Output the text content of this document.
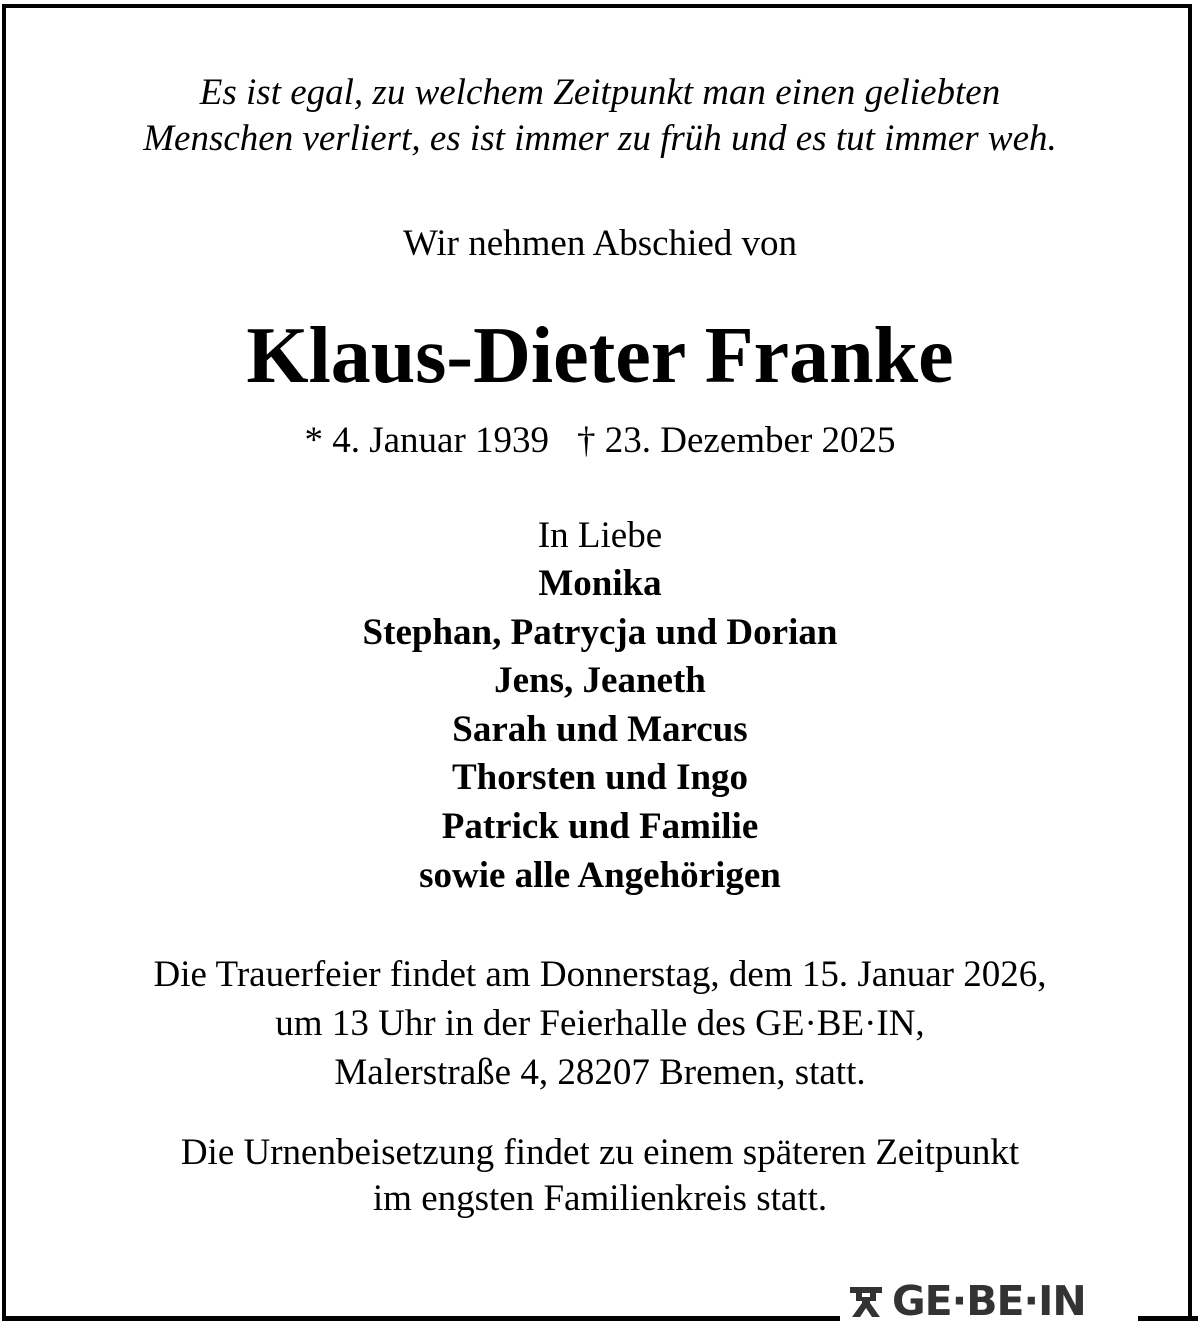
Es ist egal, zu welchem Zeitpunkt man einen geliebten
Menschen verliert, es ist immer zu früh und es tut immer weh.
Wir nehmen Abschied von
Klaus-Dieter Franke
* 4. Januar 1939 † 23. Dezember 2025
In Liebe
Monika
Stephan, Patrycja und Dorian
Jens, Jeaneth
Sarah und Marcus
Thorsten und Ingo
Patrick und Familie
sowie alle Angehörigen
Die Trauerfeier findet am Donnerstag, dem 15. Januar 2026,
um 13 Uhr in der Feierhalle des GE·BE·IN,
Malerstraße 4, 28207 Bremen, statt.
Die Urnenbeisetzung findet zu einem späteren Zeitpunkt
im engsten Familienkreis statt.
GE·BE·IN
